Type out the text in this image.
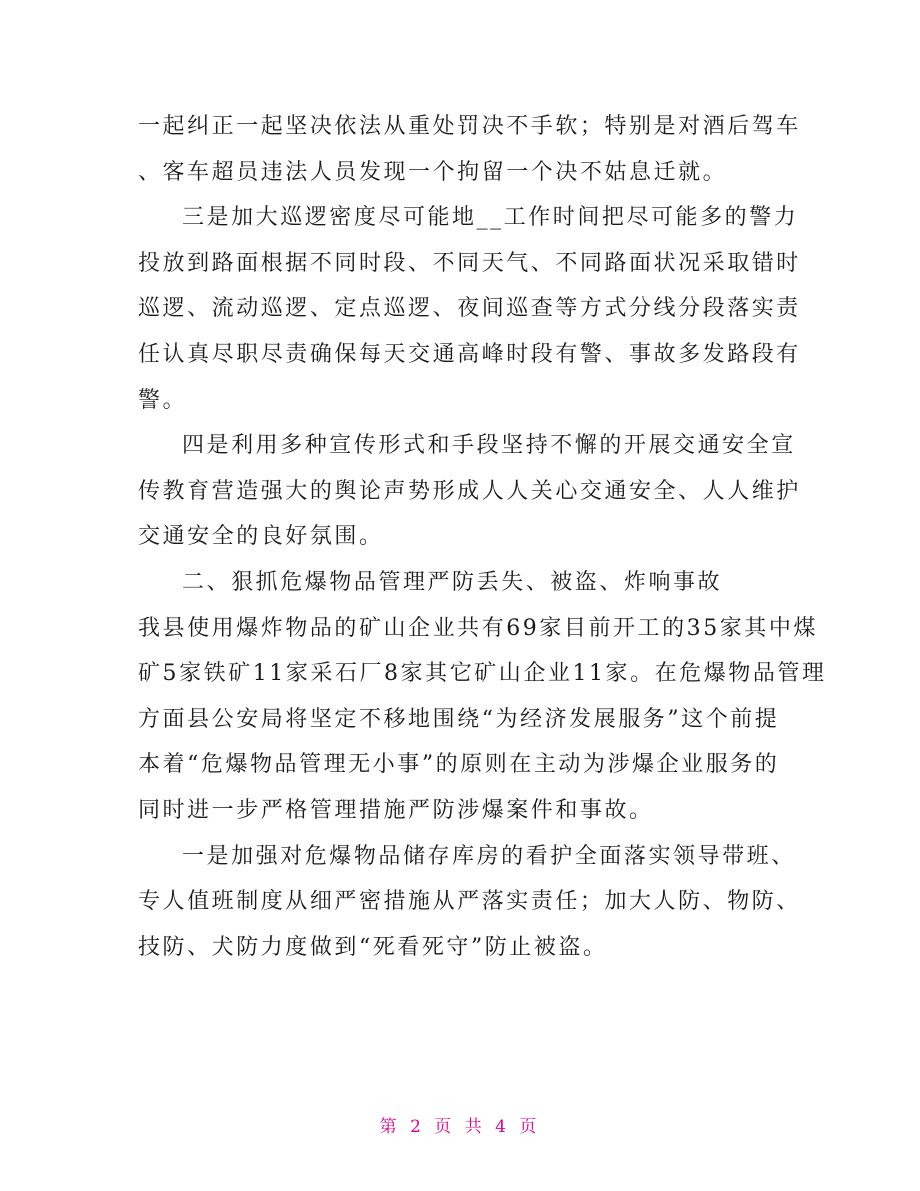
一起纠正一起坚决依法从重处罚决不手软；特别是对酒后驾车
、客车超员违法人员发现一个拘留一个决不姑息迁就。
三是加大巡逻密度尽可能地__工作时间把尽可能多的警力
投放到路面根据不同时段、不同天气、不同路面状况采取错时
巡逻、流动巡逻、定点巡逻、夜间巡查等方式分线分段落实责
任认真尽职尽责确保每天交通高峰时段有警、事故多发路段有
警。
四是利用多种宣传形式和手段坚持不懈的开展交通安全宣
传教育营造强大的舆论声势形成人人关心交通安全、人人维护
交通安全的良好氛围。
二、狠抓危爆物品管理严防丢失、被盗、炸响事故
我县使用爆炸物品的矿山企业共有69家目前开工的35家其中煤
矿5家铁矿11家采石厂8家其它矿山企业11家。在危爆物品管理
方面县公安局将坚定不移地围绕“为经济发展服务”这个前提
本着“危爆物品管理无小事”的原则在主动为涉爆企业服务的
同时进一步严格管理措施严防涉爆案件和事故。
一是加强对危爆物品储存库房的看护全面落实领导带班、
专人值班制度从细严密措施从严落实责任；加大人防、物防、
技防、犬防力度做到“死看死守”防止被盗。
第 2 页 共 4 页
